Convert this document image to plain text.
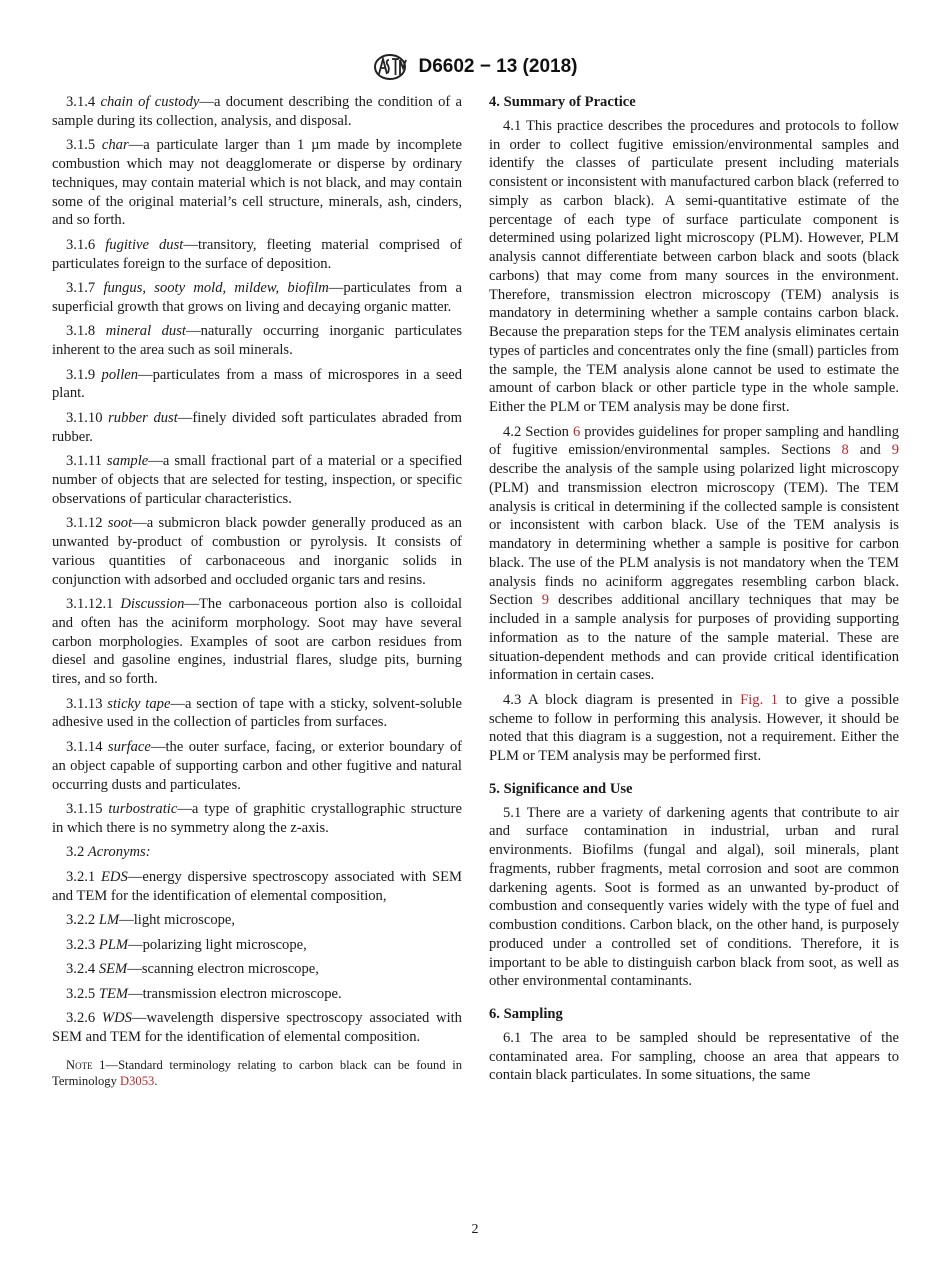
D6602 − 13 (2018)
3.1.4 chain of custody—a document describing the condition of a sample during its collection, analysis, and disposal.
3.1.5 char—a particulate larger than 1 µm made by incomplete combustion which may not deagglomerate or disperse by ordinary techniques, may contain material which is not black, and may contain some of the original material’s cell structure, minerals, ash, cinders, and so forth.
3.1.6 fugitive dust—transitory, fleeting material comprised of particulates foreign to the surface of deposition.
3.1.7 fungus, sooty mold, mildew, biofilm—particulates from a superficial growth that grows on living and decaying organic matter.
3.1.8 mineral dust—naturally occurring inorganic particulates inherent to the area such as soil minerals.
3.1.9 pollen—particulates from a mass of microspores in a seed plant.
3.1.10 rubber dust—finely divided soft particulates abraded from rubber.
3.1.11 sample—a small fractional part of a material or a specified number of objects that are selected for testing, inspection, or specific observations of particular characteristics.
3.1.12 soot—a submicron black powder generally produced as an unwanted by-product of combustion or pyrolysis. It consists of various quantities of carbonaceous and inorganic solids in conjunction with adsorbed and occluded organic tars and resins.
3.1.12.1 Discussion—The carbonaceous portion also is colloidal and often has the aciniform morphology. Soot may have several carbon morphologies. Examples of soot are carbon residues from diesel and gasoline engines, industrial flares, sludge pits, burning tires, and so forth.
3.1.13 sticky tape—a section of tape with a sticky, solvent-soluble adhesive used in the collection of particles from surfaces.
3.1.14 surface—the outer surface, facing, or exterior boundary of an object capable of supporting carbon and other fugitive and natural occurring dusts and particulates.
3.1.15 turbostratic—a type of graphitic crystallographic structure in which there is no symmetry along the z-axis.
3.2 Acronyms:
3.2.1 EDS—energy dispersive spectroscopy associated with SEM and TEM for the identification of elemental composition,
3.2.2 LM—light microscope,
3.2.3 PLM—polarizing light microscope,
3.2.4 SEM—scanning electron microscope,
3.2.5 TEM—transmission electron microscope.
3.2.6 WDS—wavelength dispersive spectroscopy associated with SEM and TEM for the identification of elemental composition.
Note 1—Standard terminology relating to carbon black can be found in Terminology D3053.
4. Summary of Practice
4.1 This practice describes the procedures and protocols to follow in order to collect fugitive emission/environmental samples and identify the classes of particulate present including materials consistent or inconsistent with manufactured carbon black (referred to simply as carbon black). A semi-quantitative estimate of the percentage of each type of surface particulate component is determined using polarized light microscopy (PLM). However, PLM analysis cannot differentiate between carbon black and soots (black carbons) that may come from many sources in the environment. Therefore, transmission electron microscopy (TEM) analysis is mandatory in determining whether a sample contains carbon black. Because the preparation steps for the TEM analysis eliminates certain types of particles and concentrates only the fine (small) particles from the sample, the TEM analysis alone cannot be used to estimate the amount of carbon black or other particle type in the whole sample. Either the PLM or TEM analysis may be done first.
4.2 Section 6 provides guidelines for proper sampling and handling of fugitive emission/environmental samples. Sections 8 and 9 describe the analysis of the sample using polarized light microscopy (PLM) and transmission electron microscopy (TEM). The TEM analysis is critical in determining if the collected sample is consistent or inconsistent with carbon black. Use of the TEM analysis is mandatory in determining whether a sample is positive for carbon black. The use of the PLM analysis is not mandatory when the TEM analysis finds no aciniform aggregates resembling carbon black. Section 9 describes additional ancillary techniques that may be included in a sample analysis for purposes of providing supporting information as to the nature of the sample material. These are situation-dependent methods and can provide critical identification information in certain cases.
4.3 A block diagram is presented in Fig. 1 to give a possible scheme to follow in performing this analysis. However, it should be noted that this diagram is a suggestion, not a requirement. Either the PLM or TEM analysis may be performed first.
5. Significance and Use
5.1 There are a variety of darkening agents that contribute to air and surface contamination in industrial, urban and rural environments. Biofilms (fungal and algal), soil minerals, plant fragments, rubber fragments, metal corrosion and soot are common darkening agents. Soot is formed as an unwanted by-product of combustion and consequently varies widely with the type of fuel and combustion conditions. Carbon black, on the other hand, is purposely produced under a controlled set of conditions. Therefore, it is important to be able to distinguish carbon black from soot, as well as other environmental contaminants.
6. Sampling
6.1 The area to be sampled should be representative of the contaminated area. For sampling, choose an area that appears to contain black particulates. In some situations, the same
2
